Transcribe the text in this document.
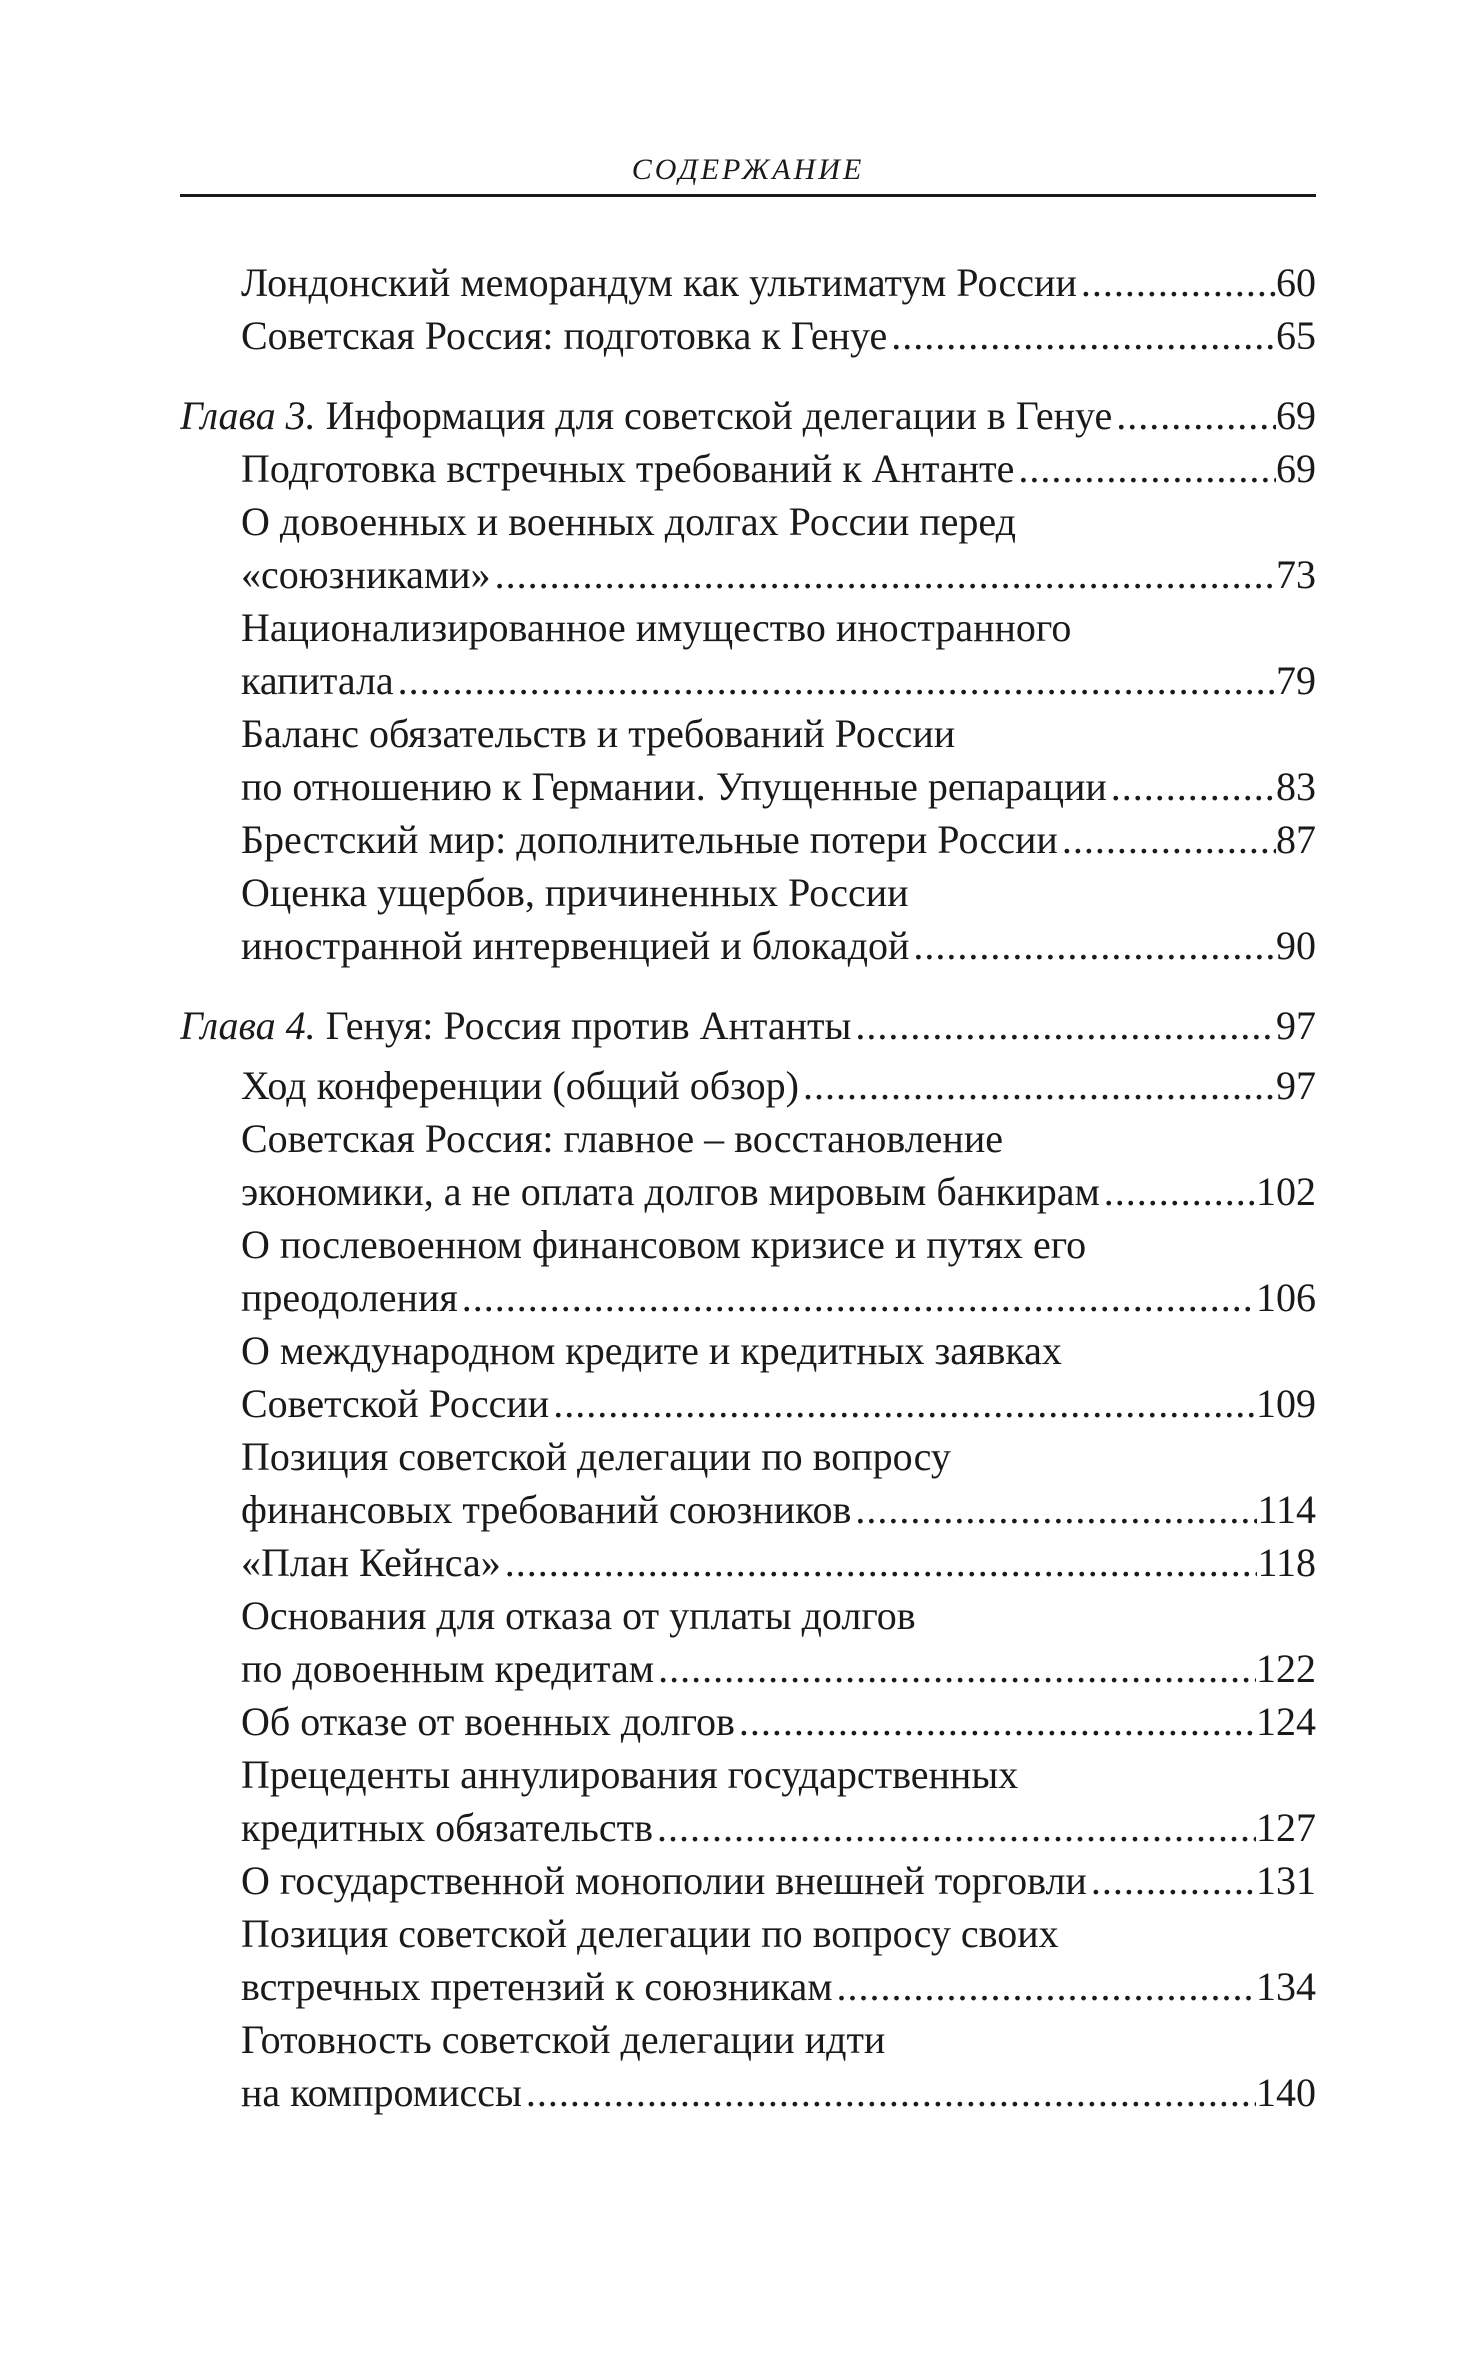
СОДЕРЖАНИЕ
Лондонский меморандум как ультиматум России .....	60
Советская Россия: подготовка к Генуе .....	65
Глава 3. Информация для советской делегации в Генуе .....	69
Подготовка встречных требований к Антанте .....	69
О довоенных и военных долгах России перед
«союзниками» .....	73
Национализированное имущество иностранного
капитала .....	79
Баланс обязательств и требований России
по отношению к Германии. Упущенные репарации .....	83
Брестский мир: дополнительные потери России .....	87
Оценка ущербов, причиненных России
иностранной интервенцией и блокадой .....	90
Глава 4. Генуя: Россия против Антанты .....	97
Ход конференции (общий обзор) .....	97
Советская Россия: главное – восстановление
экономики, а не оплата долгов мировым банкирам .....	102
О послевоенном финансовом кризисе и путях его
преодоления .....	106
О международном кредите и кредитных заявках
Советской России .....	109
Позиция советской делегации по вопросу
финансовых требований союзников .....	114
«План Кейнса» .....	118
Основания для отказа от уплаты долгов
по довоенным кредитам .....	122
Об отказе от военных долгов .....	124
Прецеденты аннулирования государственных
кредитных обязательств .....	127
О государственной монополии внешней торговли .....	131
Позиция советской делегации по вопросу своих
встречных претензий к союзникам .....	134
Готовность советской делегации идти
на компромиссы .....	140
